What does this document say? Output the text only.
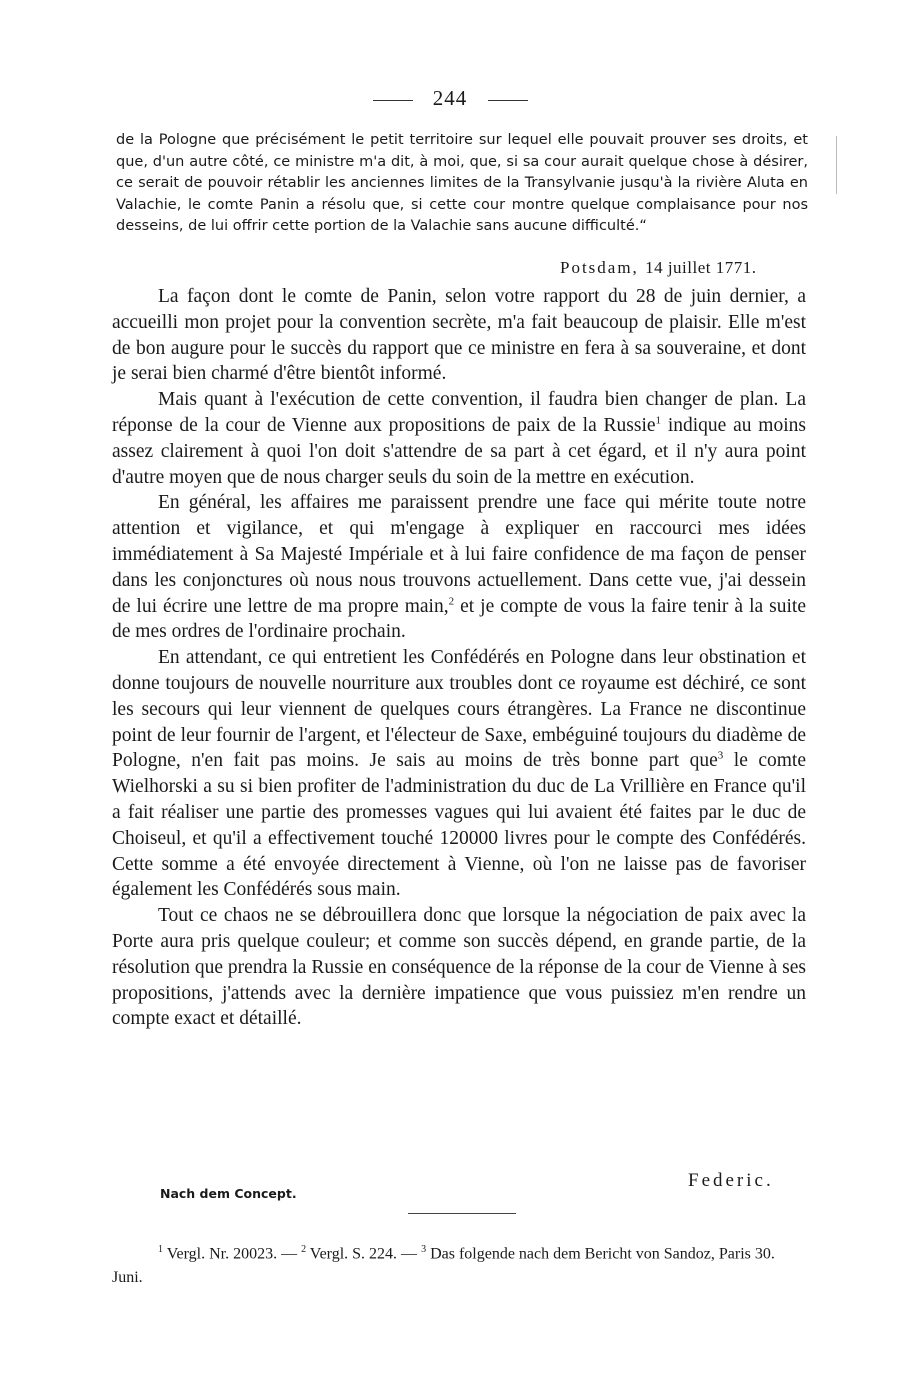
244

de la Pologne que précisément le petit territoire sur lequel elle pouvait prouver ses droits, et que, d'un autre côté, ce ministre m'a dit, à moi, que, si sa cour aurait quelque chose à désirer, ce serait de pouvoir rétablir les anciennes limites de la Transylvanie jusqu'à la rivière Aluta en Valachie, le comte Panin a résolu que, si cette cour montre quelque complaisance pour nos desseins, de lui offrir cette portion de la Valachie sans aucune difficulté.“

Potsdam, 14 juillet 1771.

La façon dont le comte de Panin, selon votre rapport du 28 de juin dernier, a accueilli mon projet pour la convention secrète, m'a fait beaucoup de plaisir. Elle m'est de bon augure pour le succès du rapport que ce ministre en fera à sa souveraine, et dont je serai bien charmé d'être bientôt informé.

Mais quant à l'exécution de cette convention, il faudra bien changer de plan. La réponse de la cour de Vienne aux propositions de paix de la Russie$^1$ indique au moins assez clairement à quoi l'on doit s'attendre de sa part à cet égard, et il n'y aura point d'autre moyen que de nous charger seuls du soin de la mettre en exécution.

En général, les affaires me paraissent prendre une face qui mérite toute notre attention et vigilance, et qui m'engage à expliquer en raccourci mes idées immédiatement à Sa Majesté Impériale et à lui faire confidence de ma façon de penser dans les conjonctures où nous nous trouvons actuellement. Dans cette vue, j'ai dessein de lui écrire une lettre de ma propre main,$^2$ et je compte de vous la faire tenir à la suite de mes ordres de l'ordinaire prochain.

En attendant, ce qui entretient les Confédérés en Pologne dans leur obstination et donne toujours de nouvelle nourriture aux troubles dont ce royaume est déchiré, ce sont les secours qui leur viennent de quelques cours étrangères. La France ne discontinue point de leur fournir de l'argent, et l'électeur de Saxe, embéguiné toujours du diadème de Pologne, n'en fait pas moins. Je sais au moins de très bonne part que$^3$ le comte Wielhorski a su si bien profiter de l'administration du duc de La Vrillière en France qu'il a fait réaliser une partie des promesses vagues qui lui avaient été faites par le duc de Choiseul, et qu'il a effectivement touché 120000 livres pour le compte des Confédérés. Cette somme a été envoyée directement à Vienne, où l'on ne laisse pas de favoriser également les Confédérés sous main.

Tout ce chaos ne se débrouillera donc que lorsque la négociation de paix avec la Porte aura pris quelque couleur; et comme son succès dépend, en grande partie, de la résolution que prendra la Russie en conséquence de la réponse de la cour de Vienne à ses propositions, j'attends avec la dernière impatience que vous puissiez m'en rendre un compte exact et détaillé.

Nach dem Concept.
Federic.

$^1$ Vergl. Nr. 20023. — $^2$ Vergl. S. 224. — $^3$ Das folgende nach dem Bericht von Sandoz, Paris 30. Juni.
